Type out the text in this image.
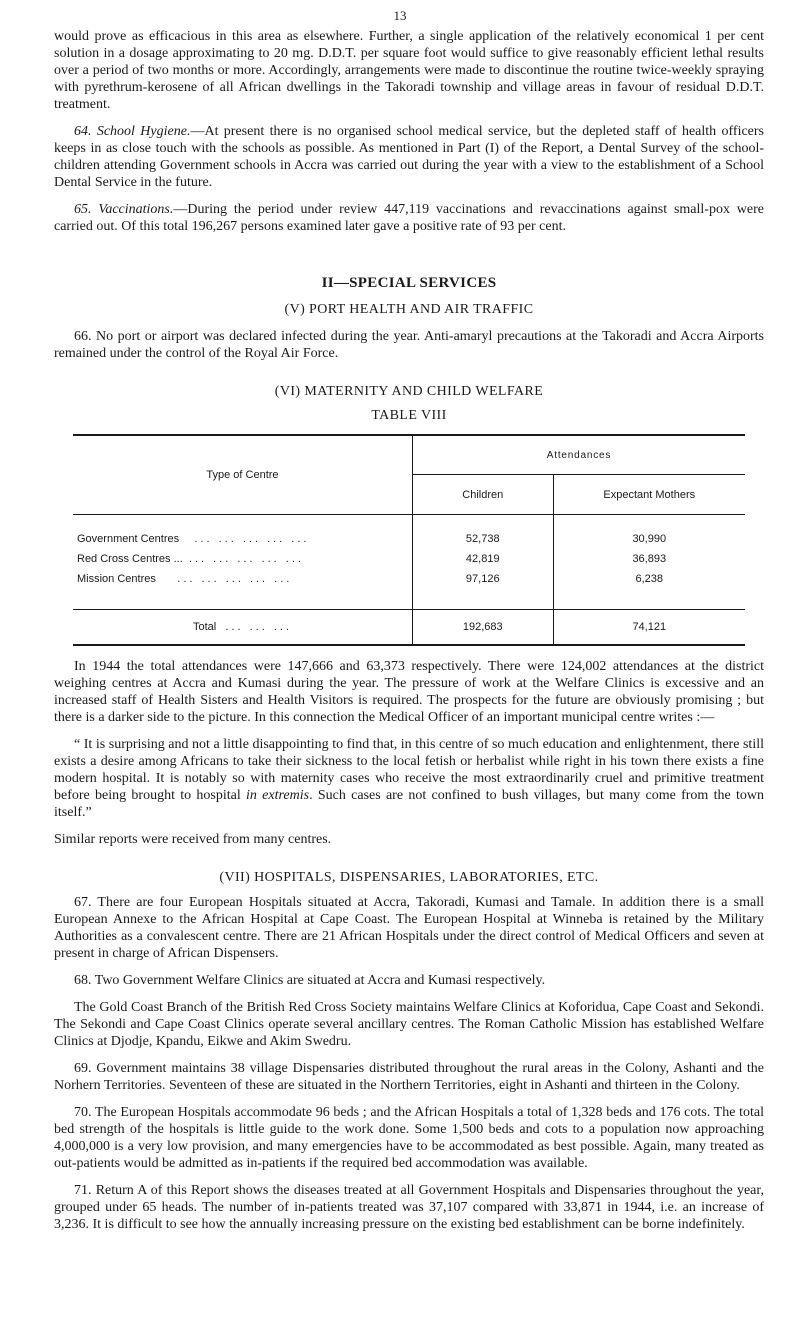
13

would prove as efficacious in this area as elsewhere. Further, a single application of the relatively economical 1 per cent solution in a dosage approximating to 20 mg. D.D.T. per square foot would suffice to give reasonably efficient lethal results over a period of two months or more. Accordingly, arrangements were made to discontinue the routine twice-weekly spraying with pyrethrum-kerosene of all African dwellings in the Takoradi township and village areas in favour of residual D.D.T. treatment.

64. School Hygiene.—At present there is no organised school medical service, but the depleted staff of health officers keeps in as close touch with the schools as possible. As mentioned in Part (I) of the Report, a Dental Survey of the school-children attending Government schools in Accra was carried out during the year with a view to the establishment of a School Dental Service in the future.

65. Vaccinations.—During the period under review 447,119 vaccinations and revaccinations against small-pox were carried out. Of this total 196,267 persons examined later gave a positive rate of 93 per cent.

II—SPECIAL SERVICES
(V) PORT HEALTH AND AIR TRAFFIC

66. No port or airport was declared infected during the year. Anti-amaryl precautions at the Takoradi and Accra Airports remained under the control of the Royal Air Force.

(VI) MATERNITY AND CHILD WELFARE
TABLE VIII
Type of Centre	Attendances	
	Children	Expectant Mothers

Government Centres ... ... ... ... ...	52,738	30,990
Red Cross Centres ... ... ... ... ... ...	42,819	36,893
Mission Centres ... ... ... ... ...	97,126	6,238

Total ... ... ...	192,683	74,121

In 1944 the total attendances were 147,666 and 63,373 respectively. There were 124,002 attendances at the district weighing centres at Accra and Kumasi during the year. The pressure of work at the Welfare Clinics is excessive and an increased staff of Health Sisters and Health Visitors is required. The prospects for the future are obviously promising ; but there is a darker side to the picture. In this connection the Medical Officer of an important municipal centre writes :—

“ It is surprising and not a little disappointing to find that, in this centre of so much education and enlightenment, there still exists a desire among Africans to take their sickness to the local fetish or herbalist while right in his town there exists a fine modern hospital. It is notably so with maternity cases who receive the most extraordinarily cruel and primitive treatment before being brought to hospital in extremis. Such cases are not confined to bush villages, but many come from the town itself.”

Similar reports were received from many centres.

(VII) HOSPITALS, DISPENSARIES, LABORATORIES, ETC.

67. There are four European Hospitals situated at Accra, Takoradi, Kumasi and Tamale. In addition there is a small European Annexe to the African Hospital at Cape Coast. The European Hospital at Winneba is retained by the Military Authorities as a convalescent centre. There are 21 African Hospitals under the direct control of Medical Officers and seven at present in charge of African Dispensers.

68. Two Government Welfare Clinics are situated at Accra and Kumasi respectively.

The Gold Coast Branch of the British Red Cross Society maintains Welfare Clinics at Koforidua, Cape Coast and Sekondi. The Sekondi and Cape Coast Clinics operate several ancillary centres. The Roman Catholic Mission has established Welfare Clinics at Djodje, Kpandu, Eikwe and Akim Swedru.

69. Government maintains 38 village Dispensaries distributed throughout the rural areas in the Colony, Ashanti and the Norhern Territories. Seventeen of these are situated in the Northern Territories, eight in Ashanti and thirteen in the Colony.

70. The European Hospitals accommodate 96 beds ; and the African Hospitals a total of 1,328 beds and 176 cots. The total bed strength of the hospitals is little guide to the work done. Some 1,500 beds and cots to a population now approaching 4,000,000 is a very low provision, and many emergencies have to be accommodated as best possible. Again, many treated as out-patients would be admitted as in-patients if the required bed accommodation was available.

71. Return A of this Report shows the diseases treated at all Government Hospitals and Dispensaries throughout the year, grouped under 65 heads. The number of in-patients treated was 37,107 compared with 33,871 in 1944, i.e. an increase of 3,236. It is difficult to see how the annually increasing pressure on the existing bed establishment can be borne indefinitely.
